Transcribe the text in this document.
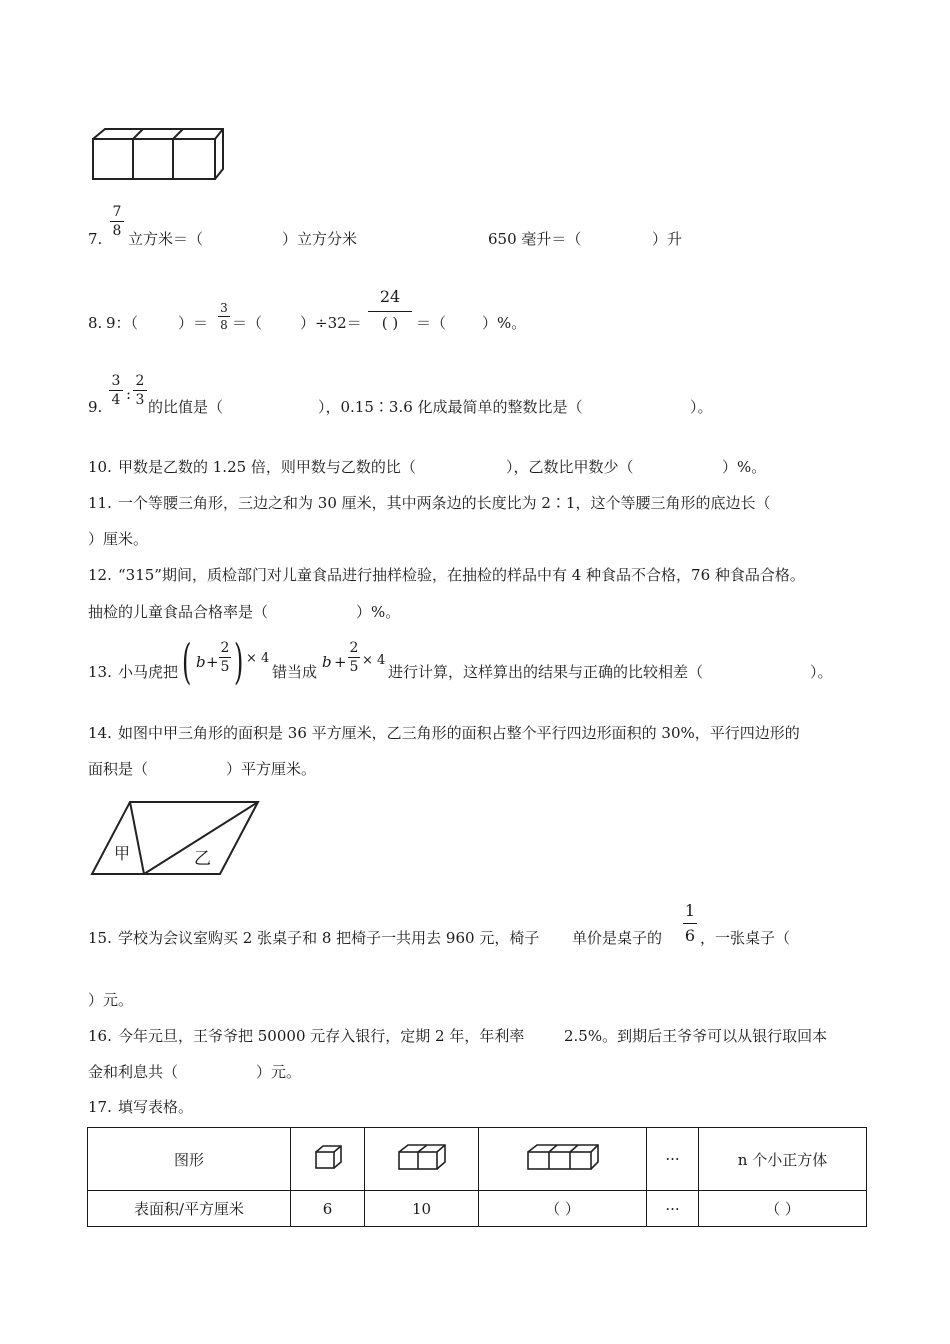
7.
7
8 立方米＝（	）立方分米	650 毫升＝（	）升
8. 9：（	）＝
3
8 ＝（	）÷32＝
24
( )	＝（ ）%。
9.
3
4 :
2
3 的比值是（	），0.15∶3.6 化成最简单的整数比是（	）。
10. 甲数是乙数的 1.25 倍，则甲数与乙数的比（	），乙数比甲数少（	）%。
11. 一个等腰三角形，三边之和为 30 厘米，其中两条边的长度比为 2∶1，这个等腰三角形的底边长（
）厘米。
12. “315”期间，质检部门对儿童食品进行抽样检验，在抽检的样品中有 4 种食品不合格，76 种食品合格。
抽检的儿童食品合格率是（	）%。
13. 小马虎把 ( b +
2
5 ) × 4
错当成
b +
2
5 × 4
进行计算，这样算出的结果与正确的比较相差（	）。
14. 如图中甲三角形的面积是 36 平方厘米，乙三角形的面积占整个平行四边形面积的 30%，平行四边形的
面积是（	）平方厘米。
甲	乙
15. 学校为会议室购买 2 张桌子和 8 把椅子一共用去 960 元，椅子 单价是桌子的
1
6 ，一张桌子（
）元。
16. 今年元旦，王爷爷把 50000 元存入银行，定期 2 年，年利率	2.5%。到期后王爷爷可以从银行取回本
金和利息共（	）元。
17. 填写表格。
图形				···	n 个小正方体
表面积/平方厘米	6	10	（ ）	···	（ ）
